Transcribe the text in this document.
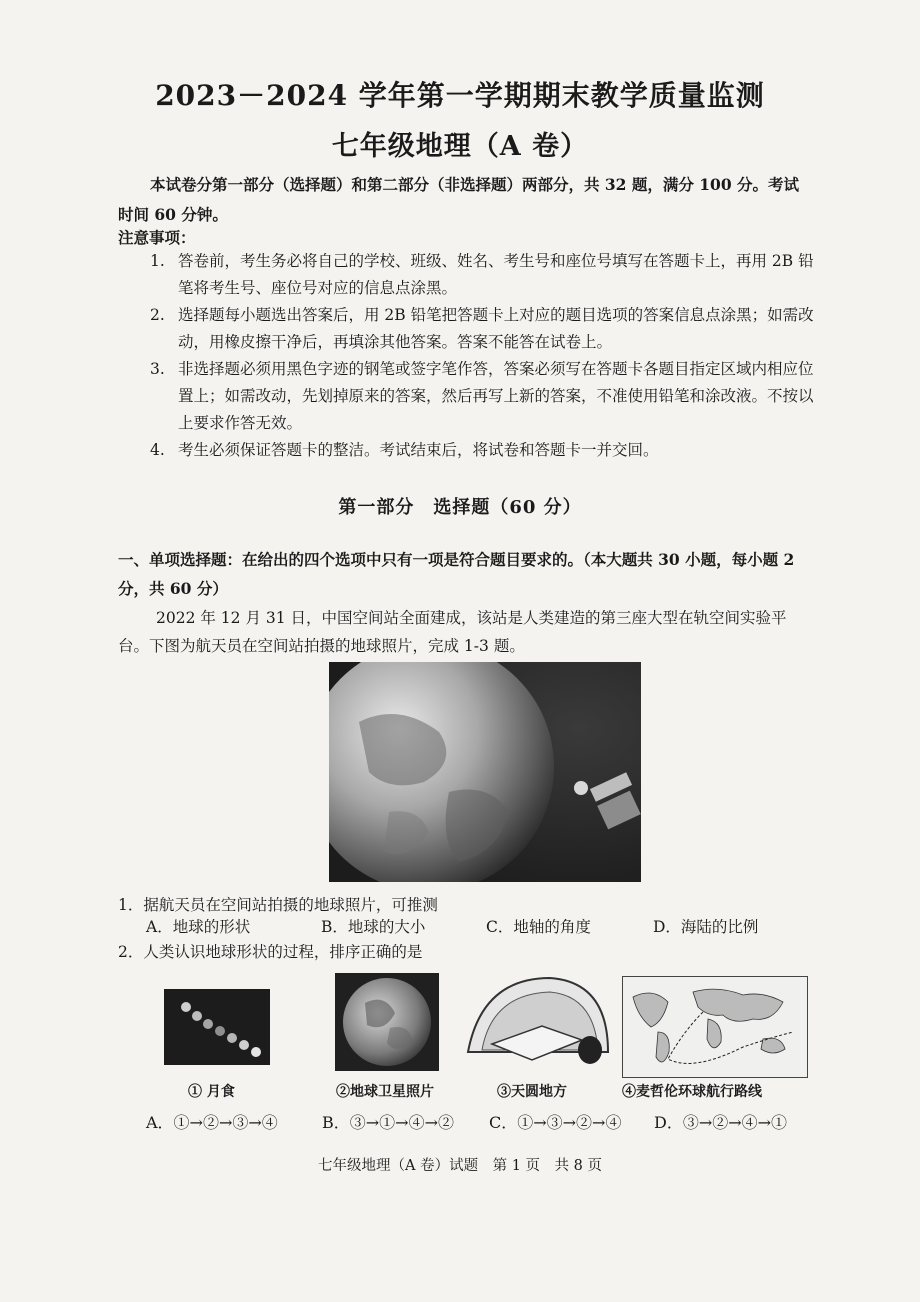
2023－2024 学年第一学期期末教学质量监测
七年级地理（A 卷）
本试卷分第一部分（选择题）和第二部分（非选择题）两部分，共 32 题，满分 100 分。考试时间 60 分钟。
注意事项：
1. 答卷前，考生务必将自己的学校、班级、姓名、考生号和座位号填写在答题卡上，再用 2B 铅笔将考生号、座位号对应的信息点涂黑。
2. 选择题每小题选出答案后，用 2B 铅笔把答题卡上对应的题目选项的答案信息点涂黑；如需改动，用橡皮擦干净后，再填涂其他答案。答案不能答在试卷上。
3. 非选择题必须用黑色字迹的钢笔或签字笔作答，答案必须写在答题卡各题目指定区域内相应位置上；如需改动，先划掉原来的答案，然后再写上新的答案，不准使用铅笔和涂改液。不按以上要求作答无效。
4. 考生必须保证答题卡的整洁。考试结束后，将试卷和答题卡一并交回。
第一部分　选择题（60 分）
一、单项选择题：在给出的四个选项中只有一项是符合题目要求的。（本大题共 30 小题，每小题 2 分，共 60 分）
2022 年 12 月 31 日，中国空间站全面建成，该站是人类建造的第三座大型在轨空间实验平台。下图为航天员在空间站拍摄的地球照片，完成 1-3 题。
1．据航天员在空间站拍摄的地球照片，可推测
A．地球的形状	B．地球的大小	C．地轴的角度	D．海陆的比例
2．人类认识地球形状的过程，排序正确的是
① 月食	②地球卫星照片	③天圆地方	④麦哲伦环球航行路线
A．①→②→③→④	B．③→①→④→② C．①→③→②→④ D．③→②→④→①
七年级地理（A 卷）试题　第 1 页　共 8 页
